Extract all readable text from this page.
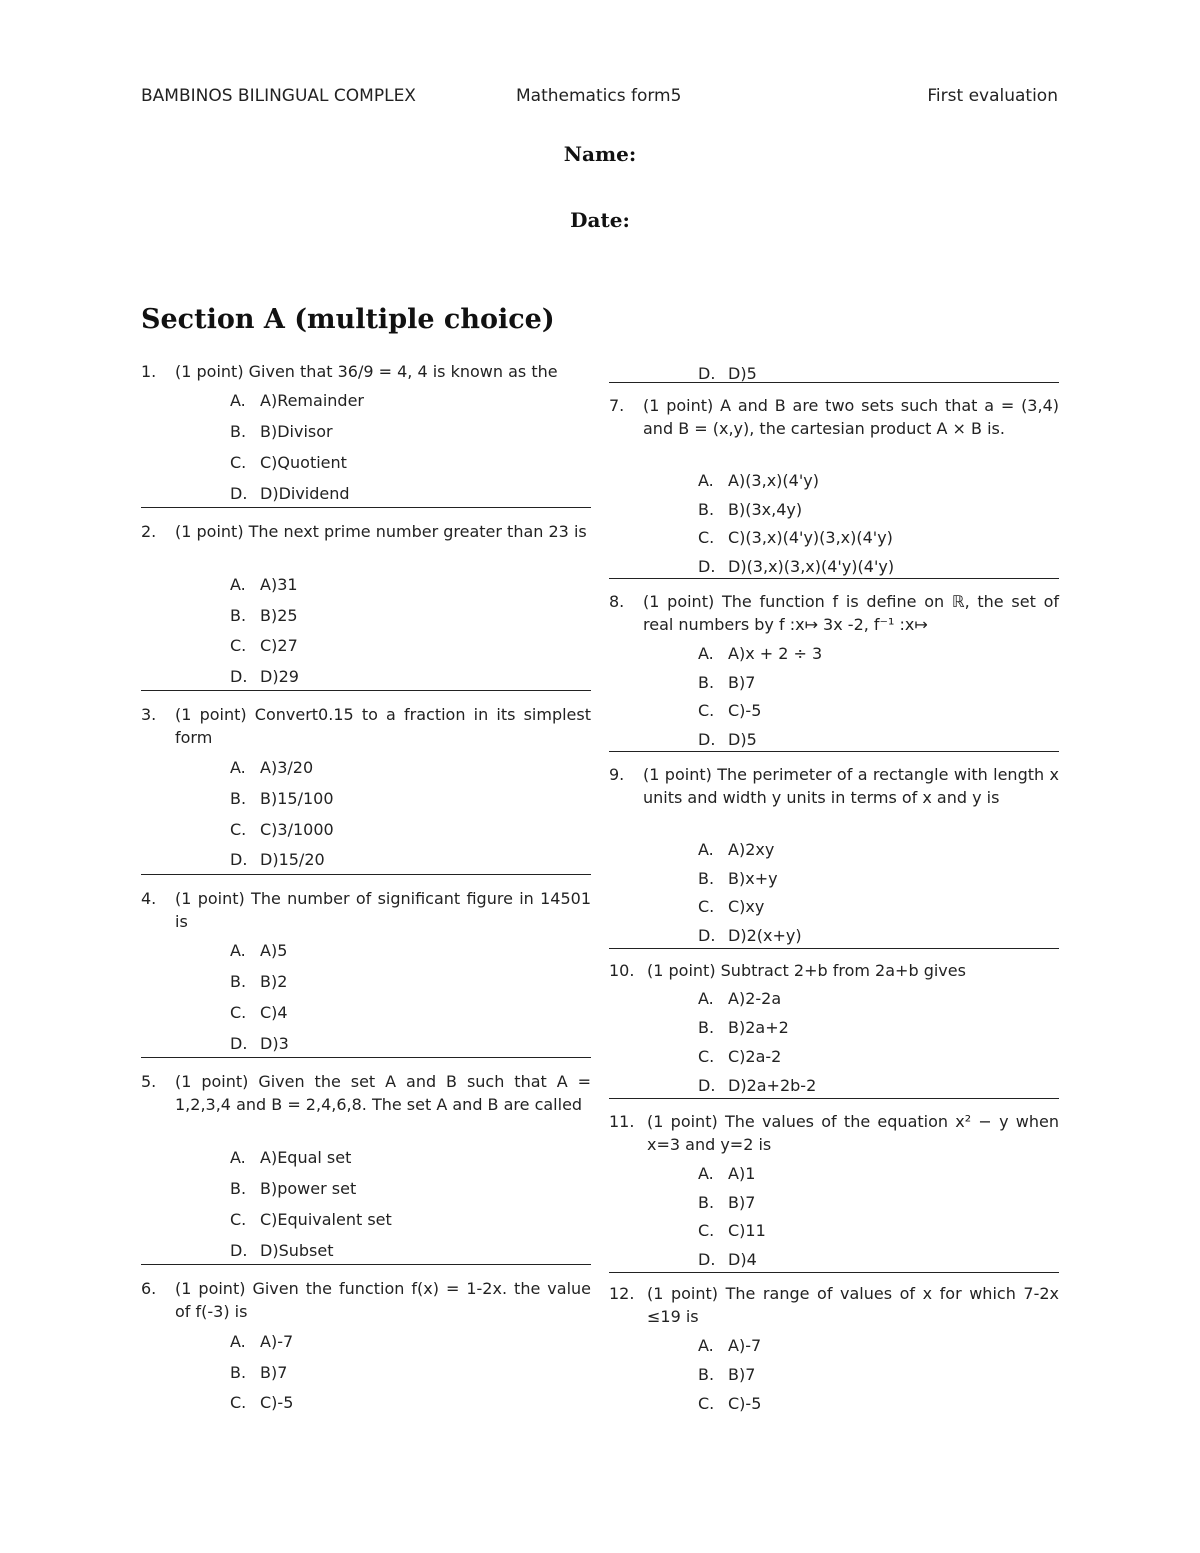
BAMBINOS BILINGUAL COMPLEX	Mathematics form5	First evaluation
Name:
Date:
Section A (multiple choice)
1. (1 point) Given that 36/9 = 4, 4 is known as the
A. A)Remainder
B. B)Divisor
C. C)Quotient
D. D)Dividend
2. (1 point) The next prime number greater than 23 is
A. A)31
B. B)25
C. C)27
D. D)29
3. (1 point) Convert0.15 to a fraction in its simplest form
A. A)3/20
B. B)15/100
C. C)3/1000
D. D)15/20
4. (1 point) The number of significant figure in 14501 is
A. A)5
B. B)2
C. C)4
D. D)3
5. (1 point) Given the set A and B such that A = 1,2,3,4 and B = 2,4,6,8. The set A and B are called
A. A)Equal set
B. B)power set
C. C)Equivalent set
D. D)Subset
6. (1 point) Given the function f(x) = 1-2x. the value of f(-3) is
A. A)-7
B. B)7
C. C)-5
D. D)5
7. (1 point) A and B are two sets such that a = (3,4) and B = (x,y), the cartesian product A × B is.
A. A)(3,x)(4'y)
B. B)(3x,4y)
C. C)(3,x)(4'y)(3,x)(4'y)
D. D)(3,x)(3,x)(4'y)(4'y)
8. (1 point) The function f is define on ℝ, the set of real numbers by f :x↦ 3x -2, f⁻¹ :x↦
A. A)x + 2 ÷ 3
B. B)7
C. C)-5
D. D)5
9. (1 point) The perimeter of a rectangle with length x units and width y units in terms of x and y is
A. A)2xy
B. B)x+y
C. C)xy
D. D)2(x+y)
10. (1 point) Subtract 2+b from 2a+b gives
A. A)2-2a
B. B)2a+2
C. C)2a-2
D. D)2a+2b-2
11. (1 point) The values of the equation x² − y when x=3 and y=2 is
A. A)1
B. B)7
C. C)11
D. D)4
12. (1 point) The range of values of x for which 7-2x ≤19 is
A. A)-7
B. B)7
C. C)-5
